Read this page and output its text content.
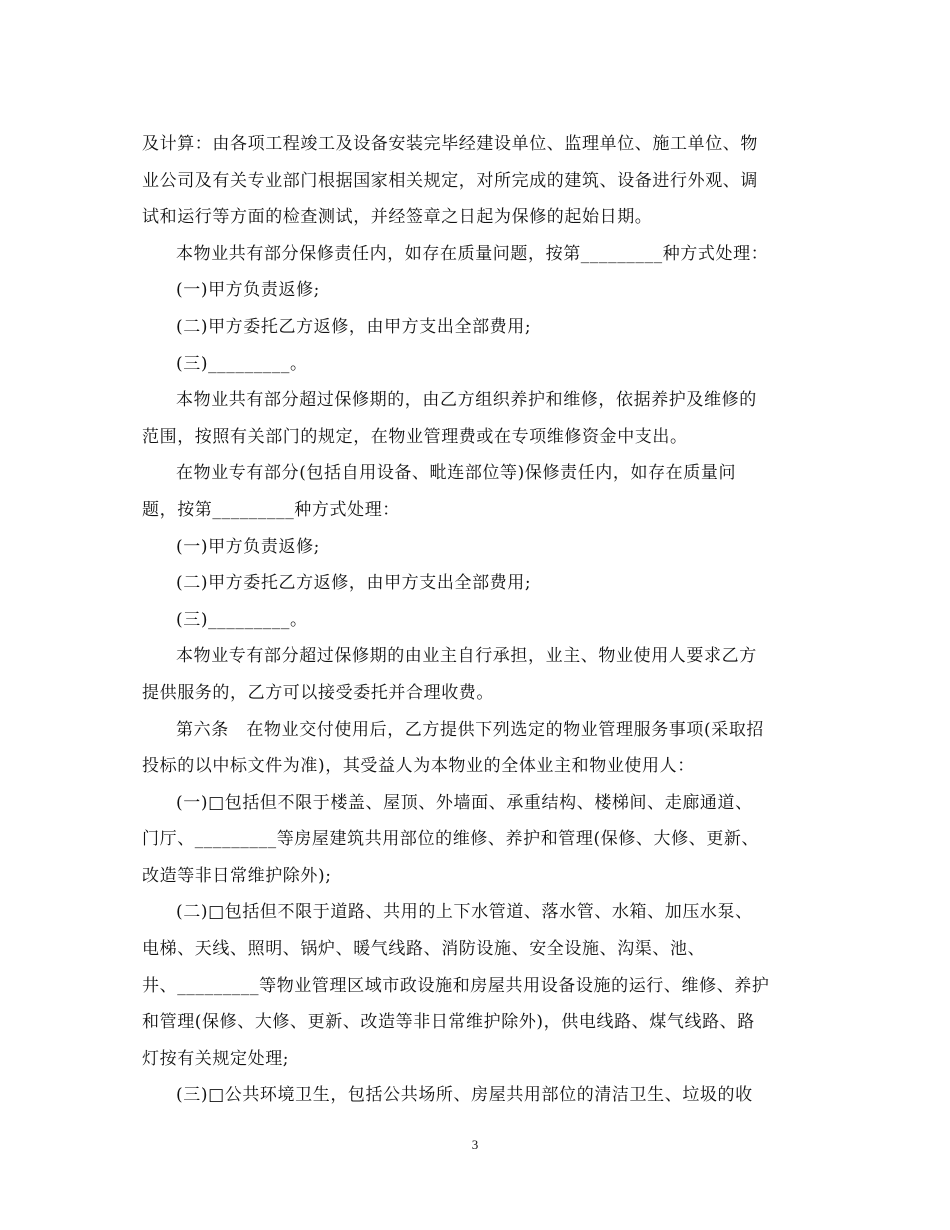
及计算：由各项工程竣工及设备安装完毕经建设单位、监理单位、施工单位、物
业公司及有关专业部门根据国家相关规定，对所完成的建筑、设备进行外观、调
试和运行等方面的检查测试，并经签章之日起为保修的起始日期。
本物业共有部分保修责任内，如存在质量问题，按第_________种方式处理：
(一)甲方负责返修;
(二)甲方委托乙方返修，由甲方支出全部费用;
(三)_________。
本物业共有部分超过保修期的，由乙方组织养护和维修，依据养护及维修的
范围，按照有关部门的规定，在物业管理费或在专项维修资金中支出。
在物业专有部分(包括自用设备、毗连部位等)保修责任内，如存在质量问
题，按第_________种方式处理：
(一)甲方负责返修;
(二)甲方委托乙方返修，由甲方支出全部费用;
(三)_________。
本物业专有部分超过保修期的由业主自行承担，业主、物业使用人要求乙方
提供服务的，乙方可以接受委托并合理收费。
第六条　在物业交付使用后，乙方提供下列选定的物业管理服务事项(采取招
投标的以中标文件为准)，其受益人为本物业的全体业主和物业使用人：
(一)□包括但不限于楼盖、屋顶、外墙面、承重结构、楼梯间、走廊通道、
门厅、_________等房屋建筑共用部位的维修、养护和管理(保修、大修、更新、
改造等非日常维护除外);
(二)□包括但不限于道路、共用的上下水管道、落水管、水箱、加压水泵、
电梯、天线、照明、锅炉、暖气线路、消防设施、安全设施、沟渠、池、
井、_________等物业管理区域市政设施和房屋共用设备设施的运行、维修、养护
和管理(保修、大修、更新、改造等非日常维护除外)，供电线路、煤气线路、路
灯按有关规定处理;
(三)□公共环境卫生，包括公共场所、房屋共用部位的清洁卫生、垃圾的收
3
